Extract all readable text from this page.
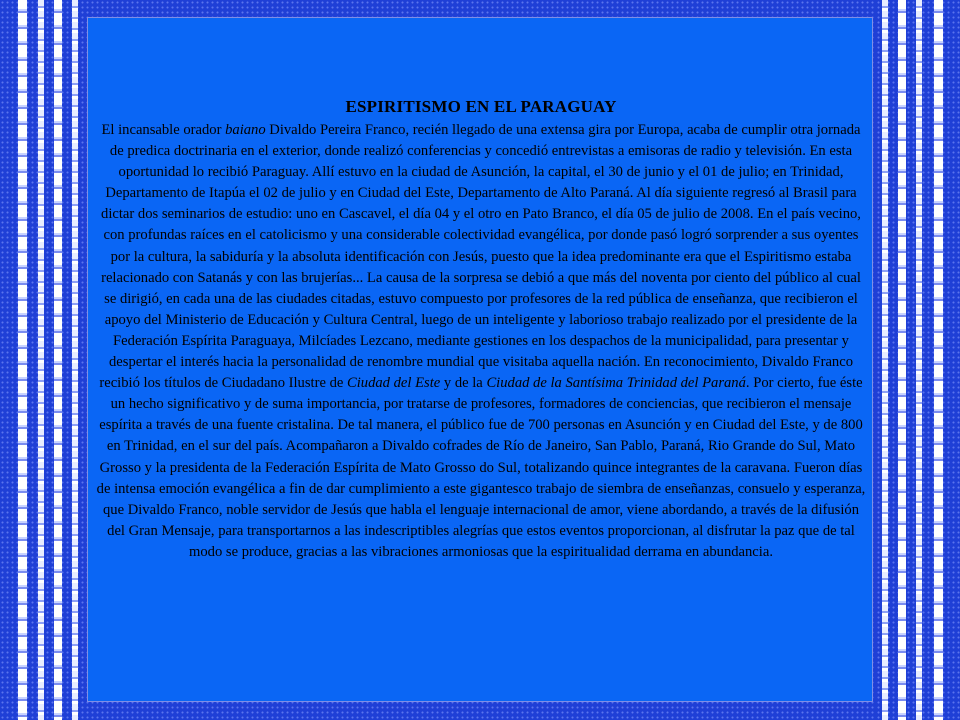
ESPIRITISMO EN EL PARAGUAY

El incansable orador baiano Divaldo Pereira Franco, recién llegado de una extensa gira por Europa, acaba de cumplir otra jornada de predica doctrinaria en el exterior, donde realizó conferencias y concedió entrevistas a emisoras de radio y televisión. En esta oportunidad lo recibió Paraguay. Allí estuvo en la ciudad de Asunción, la capital, el 30 de junio y el 01 de julio; en Trinidad, Departamento de Itapúa el 02 de julio y en Ciudad del Este, Departamento de Alto Paraná. Al día siguiente regresó al Brasil para dictar dos seminarios de estudio: uno en Cascavel, el día 04 y el otro en Pato Branco, el día 05 de julio de 2008. En el país vecino, con profundas raíces en el catolicismo y una considerable colectividad evangélica, por donde pasó logró sorprender a sus oyentes por la cultura, la sabiduría y la absoluta identificación con Jesús, puesto que la idea predominante era que el Espiritismo estaba relacionado con Satanás y con las brujerías... La causa de la sorpresa se debió a que más del noventa por ciento del público al cual se dirigió, en cada una de las ciudades citadas, estuvo compuesto por profesores de la red pública de enseñanza, que recibieron el apoyo del Ministerio de Educación y Cultura Central, luego de un inteligente y laborioso trabajo realizado por el presidente de la Federación Espírita Paraguaya, Milcíades Lezcano, mediante gestiones en los despachos de la municipalidad, para presentar y despertar el interés hacia la personalidad de renombre mundial que visitaba aquella nación. En reconocimiento, Divaldo Franco recibió los títulos de Ciudadano Ilustre de Ciudad del Este y de la Ciudad de la Santísima Trinidad del Paraná. Por cierto, fue éste un hecho significativo y de suma importancia, por tratarse de profesores, formadores de conciencias, que recibieron el mensaje espírita a través de una fuente cristalina. De tal manera, el público fue de 700 personas en Asunción y en Ciudad del Este, y de 800 en Trinidad, en el sur del país. Acompañaron a Divaldo cofrades de Río de Janeiro, San Pablo, Paraná, Rio Grande do Sul, Mato Grosso y la presidenta de la Federación Espírita de Mato Grosso do Sul, totalizando quince integrantes de la caravana. Fueron días de intensa emoción evangélica a fin de dar cumplimiento a este gigantesco trabajo de siembra de enseñanzas, consuelo y esperanza, que Divaldo Franco, noble servidor de Jesús que habla el lenguaje internacional de amor, viene abordando, a través de la difusión del Gran Mensaje, para transportarnos a las indescriptibles alegrías que estos eventos proporcionan, al disfrutar la paz que de tal modo se produce, gracias a las vibraciones armoniosas que la espiritualidad derrama en abundancia.
